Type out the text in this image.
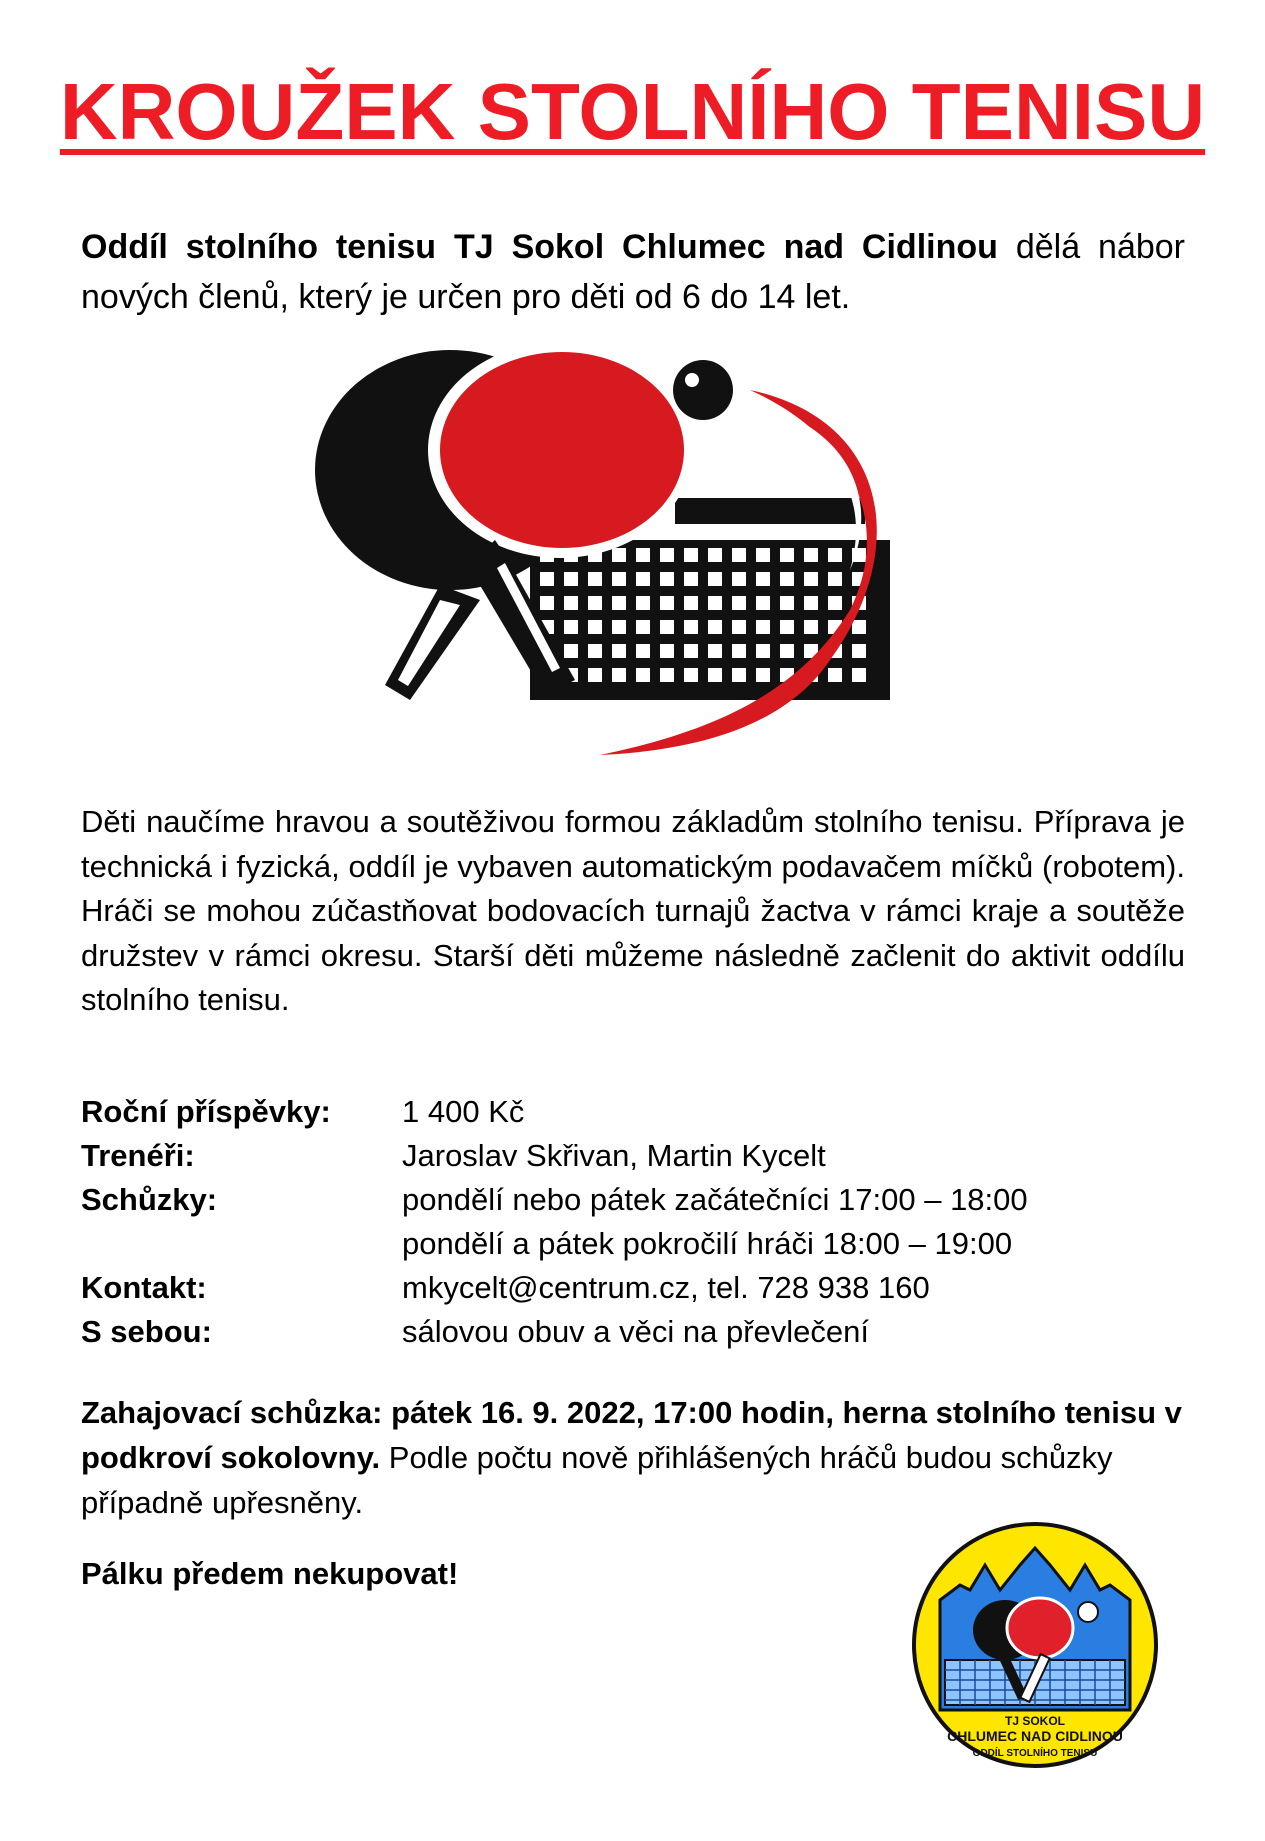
KROUŽEK STOLNÍHO TENISU
Oddíl stolního tenisu TJ Sokol Chlumec nad Cidlinou dělá nábor nových členů, který je určen pro děti od 6 do 14 let.
Děti naučíme hravou a soutěživou formou základům stolního tenisu. Příprava je technická i fyzická, oddíl je vybaven automatickým podavačem míčků (robotem). Hráči se mohou zúčastňovat bodovacích turnajů žactva v rámci kraje a soutěže družstev v rámci okresu. Starší děti můžeme následně začlenit do aktivit oddílu stolního tenisu.
Roční příspěvky:	1 400 Kč
Trenéři:	Jaroslav Skřivan, Martin Kycelt
Schůzky:	pondělí nebo pátek začátečníci 17:00 – 18:00
pondělí a pátek pokročilí hráči 18:00 – 19:00
Kontakt:	mkycelt@centrum.cz, tel. 728 938 160
S sebou:	sálovou obuv a věci na převlečení
Zahajovací schůzka: pátek 16. 9. 2022, 17:00 hodin, herna stolního tenisu v podkroví sokolovny. Podle počtu nově přihlášených hráčů budou schůzky případně upřesněny.
Pálku předem nekupovat!
TJ SOKOL
CHLUMEC NAD CIDLINOU
ODDÍL STOLNÍHO TENISU
